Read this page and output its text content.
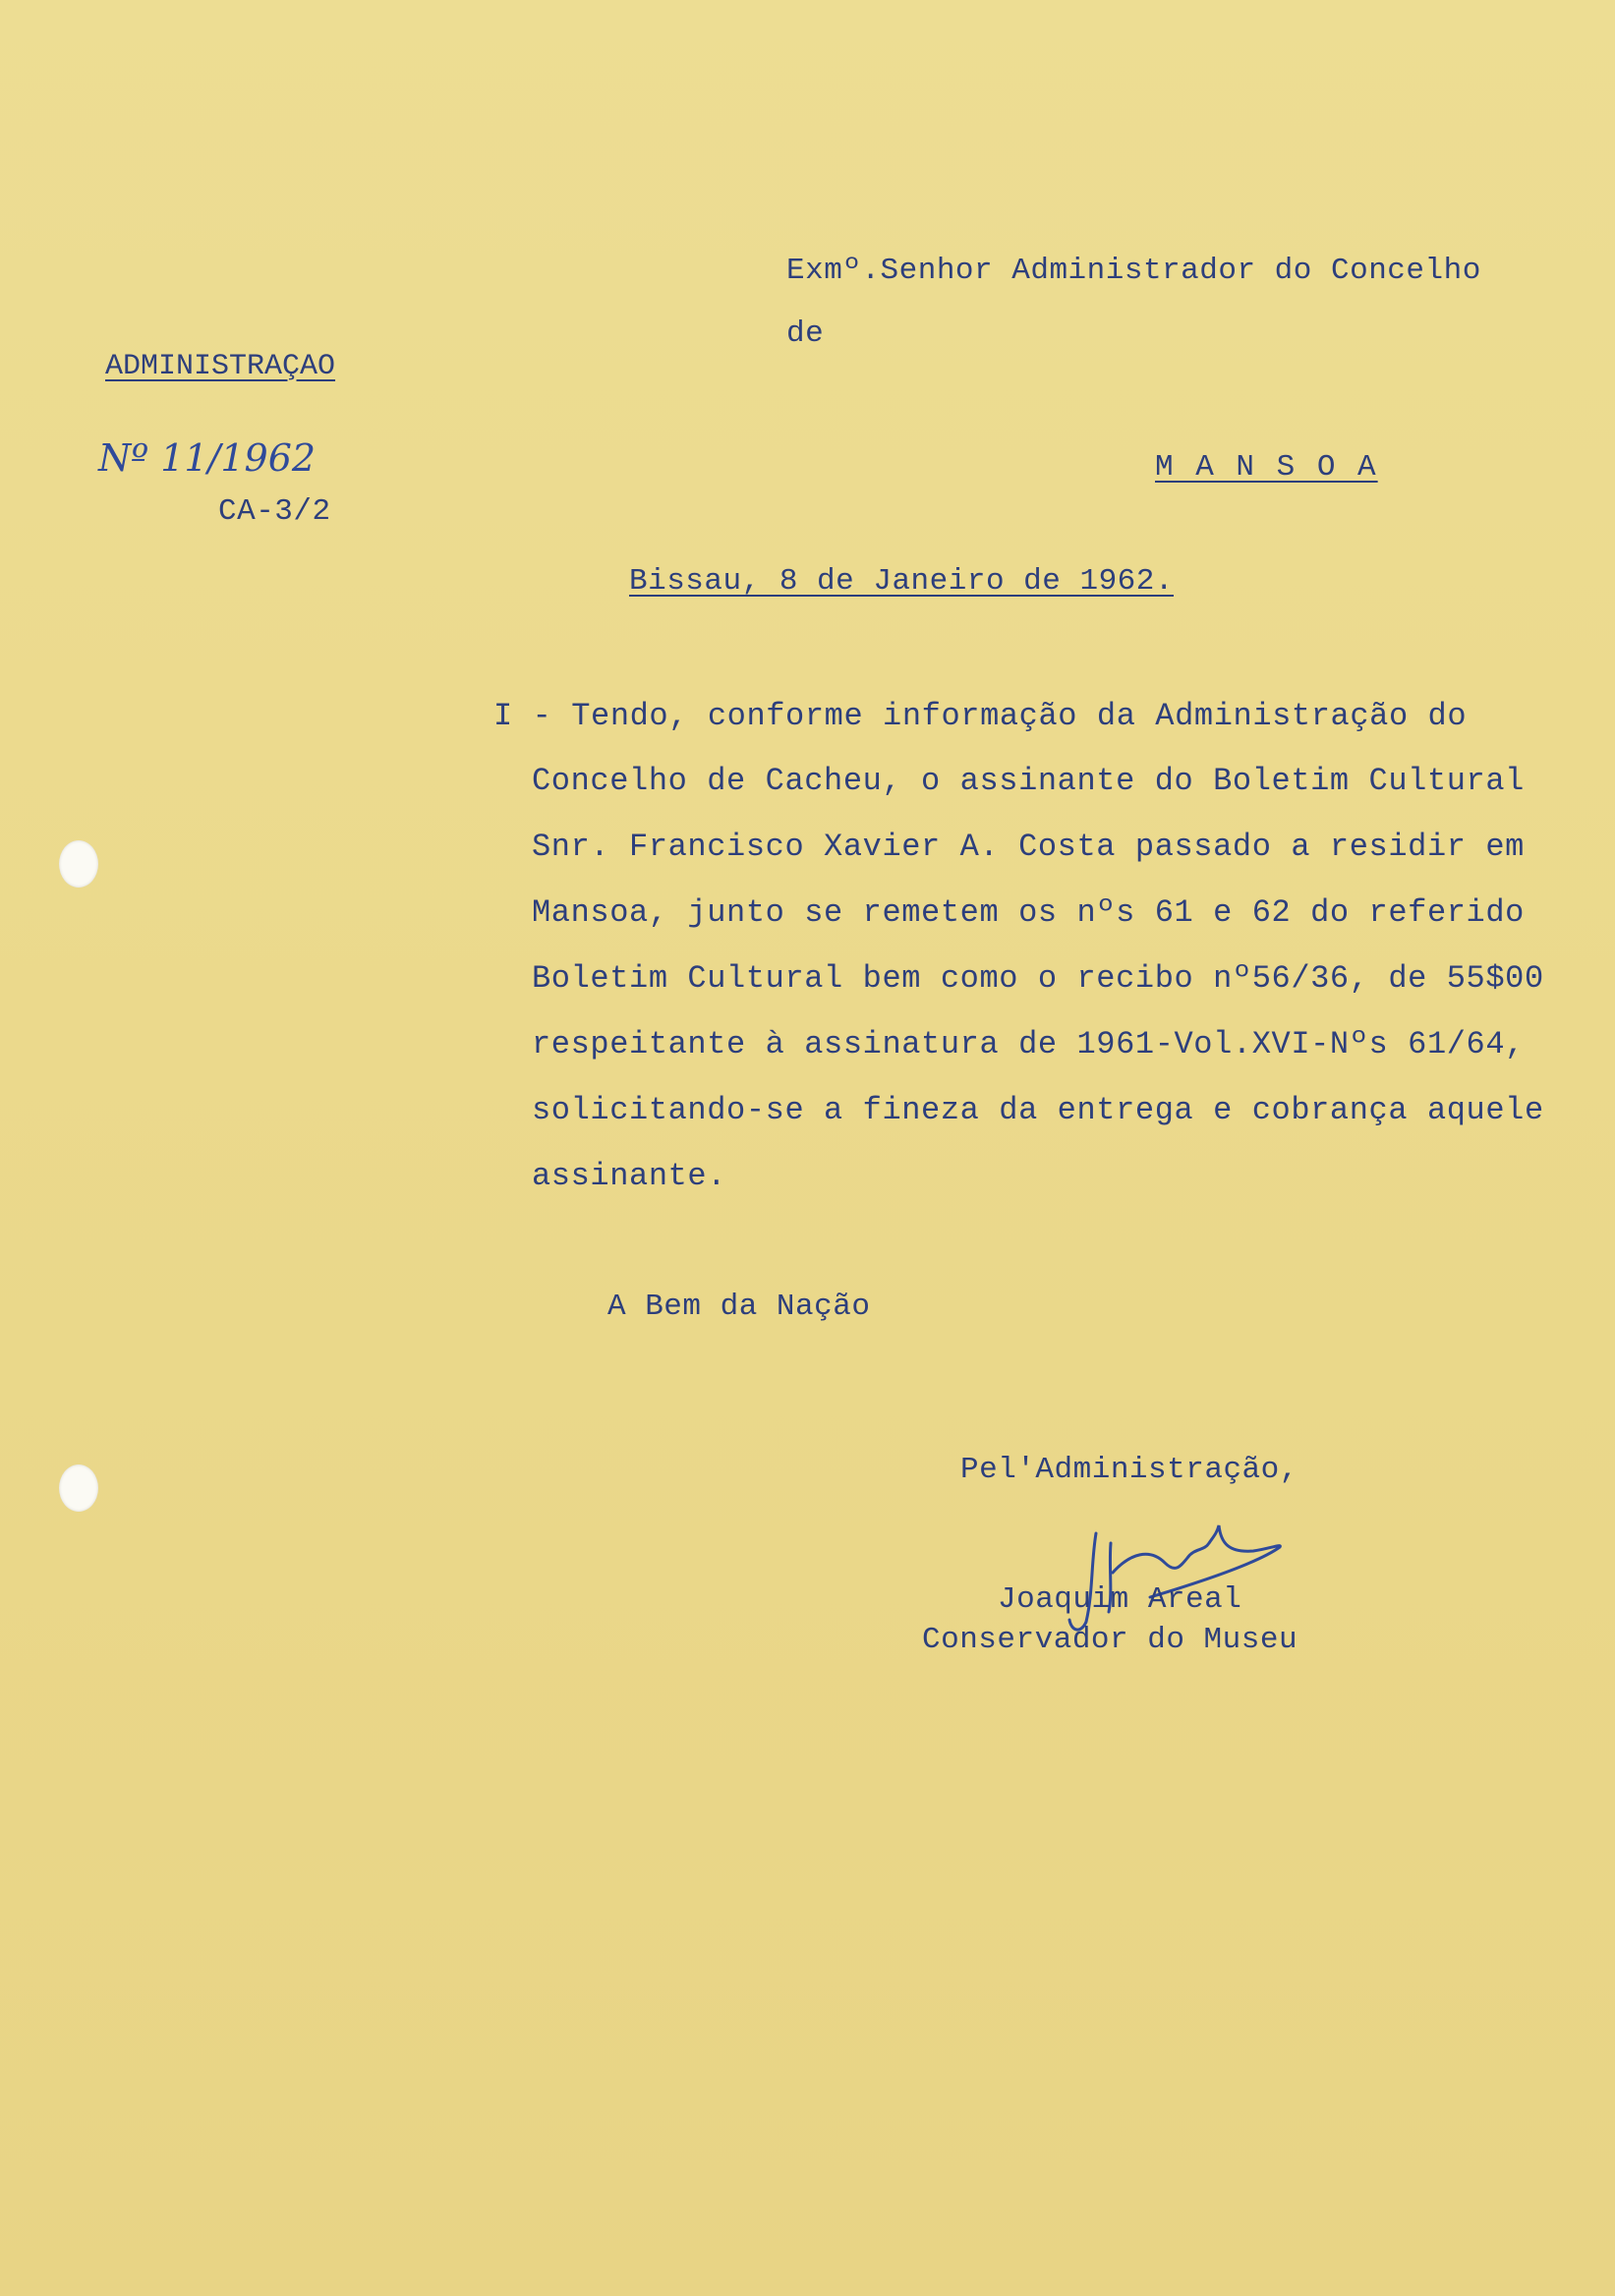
Exmº.Senhor Administrador do Concelho
de
M A N S O A
ADMINISTRAÇAO
Nº 11/1962
CA-3/2
Bissau, 8 de Janeiro de 1962.
I - Tendo, conforme informação da Administração do
Concelho de Cacheu, o assinante do Boletim Cultural
Snr. Francisco Xavier A. Costa passado a residir em
Mansoa, junto se remetem os nºs 61 e 62 do referido
Boletim Cultural bem como o recibo nº56/36, de 55$00
respeitante à assinatura de 1961-Vol.XVI-Nºs 61/64,
solicitando-se a fineza da entrega e cobrança aquele
assinante.
A Bem da Nação
Pel'Administração,
Joaquim Areal
Conservador do Museu
